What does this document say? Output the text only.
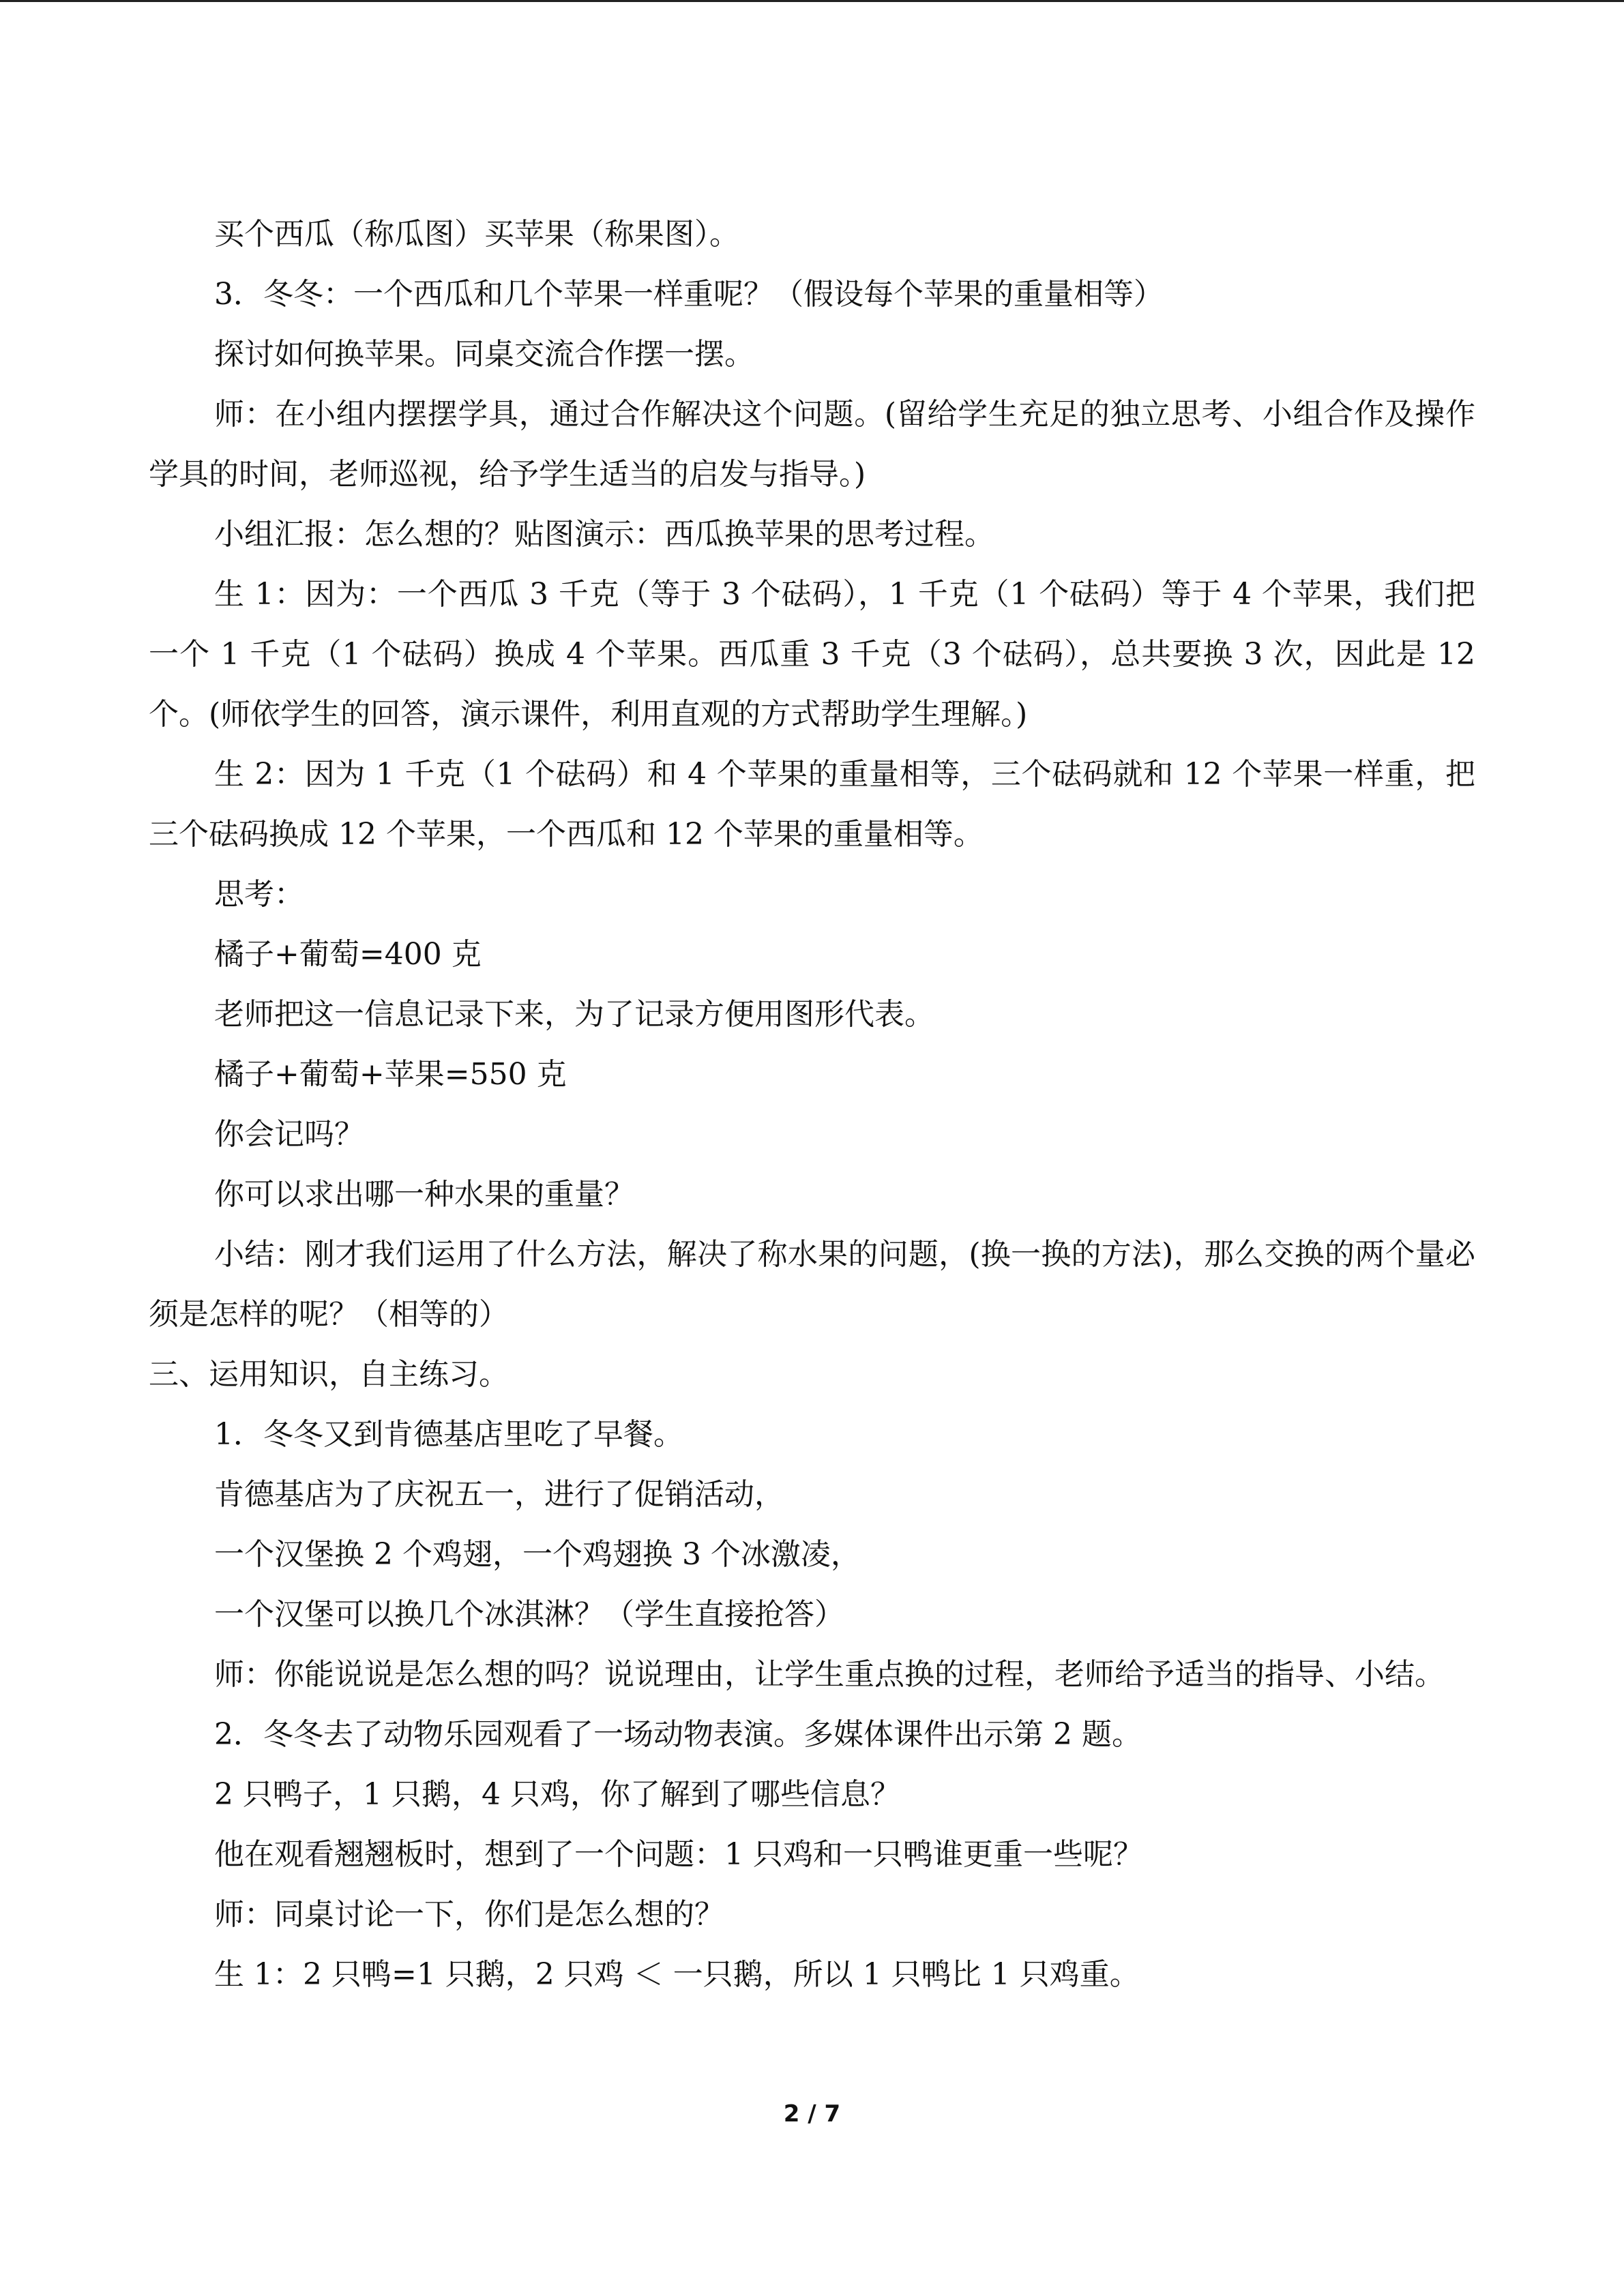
买个西瓜（称瓜图）买苹果（称果图）。

3．冬冬：一个西瓜和几个苹果一样重呢？（假设每个苹果的重量相等）

探讨如何换苹果。同桌交流合作摆一摆。

师：在小组内摆摆学具，通过合作解决这个问题。(留给学生充足的独立思考、小组合作及操作学具的时间，老师巡视，给予学生适当的启发与指导。)

小组汇报：怎么想的？贴图演示：西瓜换苹果的思考过程。

生 1：因为：一个西瓜 3 千克（等于 3 个砝码），1 千克（1 个砝码）等于 4 个苹果，我们把一个 1 千克（1 个砝码）换成 4 个苹果。西瓜重 3 千克（3 个砝码），总共要换 3 次，因此是 12 个。(师依学生的回答，演示课件，利用直观的方式帮助学生理解。)

生 2：因为 1 千克（1 个砝码）和 4 个苹果的重量相等，三个砝码就和 12 个苹果一样重，把三个砝码换成 12 个苹果，一个西瓜和 12 个苹果的重量相等。

思考：

橘子+葡萄=400 克

老师把这一信息记录下来，为了记录方便用图形代表。

橘子+葡萄+苹果=550 克

你会记吗？

你可以求出哪一种水果的重量？

小结：刚才我们运用了什么方法，解决了称水果的问题，(换一换的方法)，那么交换的两个量必须是怎样的呢？（相等的）

三、运用知识，自主练习。

1．冬冬又到肯德基店里吃了早餐。

肯德基店为了庆祝五一，进行了促销活动，

一个汉堡换 2 个鸡翅，一个鸡翅换 3 个冰激凌，

一个汉堡可以换几个冰淇淋？（学生直接抢答）

师：你能说说是怎么想的吗？说说理由，让学生重点换的过程，老师给予适当的指导、小结。

2．冬冬去了动物乐园观看了一场动物表演。多媒体课件出示第 2 题。

2 只鸭子，1 只鹅，4 只鸡，你了解到了哪些信息？

他在观看翘翘板时，想到了一个问题：1 只鸡和一只鸭谁更重一些呢？

师：同桌讨论一下，你们是怎么想的？

生 1：2 只鸭=1 只鹅，2 只鸡 ＜ 一只鹅，所以 1 只鸭比 1 只鸡重。

2 / 7
